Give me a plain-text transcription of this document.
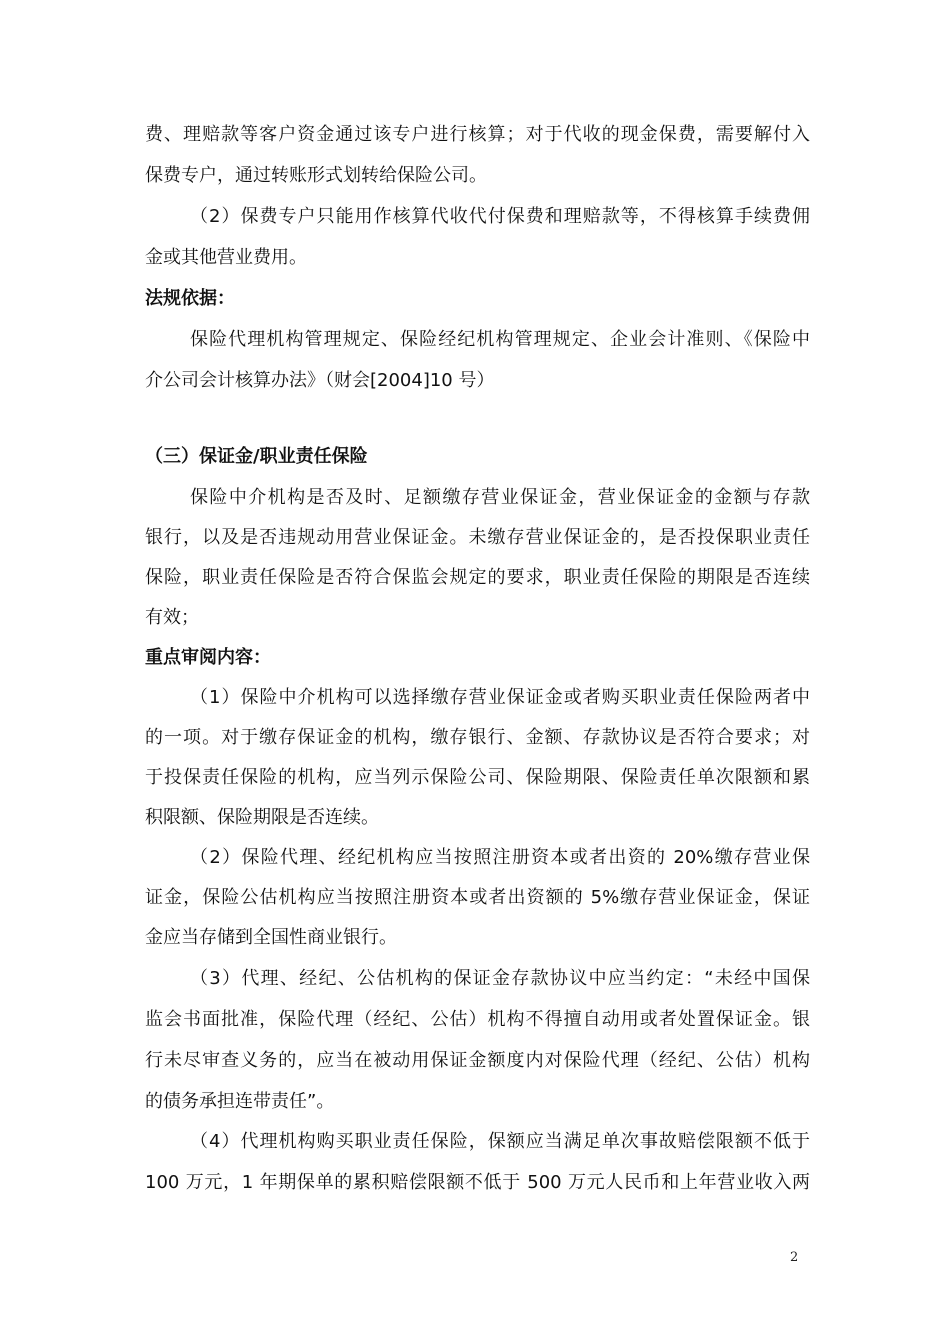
费、理赔款等客户资金通过该专户进行核算；对于代收的现金保费，需要解付入
保费专户，通过转账形式划转给保险公司。
（2）保费专户只能用作核算代收代付保费和理赔款等，不得核算手续费佣
金或其他营业费用。
法规依据：
保险代理机构管理规定、保险经纪机构管理规定、企业会计准则、《保险中
介公司会计核算办法》（财会[2004]10 号）
（三）保证金/职业责任保险
保险中介机构是否及时、足额缴存营业保证金，营业保证金的金额与存款
银行，以及是否违规动用营业保证金。未缴存营业保证金的，是否投保职业责任
保险，职业责任保险是否符合保监会规定的要求，职业责任保险的期限是否连续
有效；
重点审阅内容：
（1）保险中介机构可以选择缴存营业保证金或者购买职业责任保险两者中
的一项。对于缴存保证金的机构，缴存银行、金额、存款协议是否符合要求；对
于投保责任保险的机构，应当列示保险公司、保险期限、保险责任单次限额和累
积限额、保险期限是否连续。
（2）保险代理、经纪机构应当按照注册资本或者出资的 20%缴存营业保
证金，保险公估机构应当按照注册资本或者出资额的 5%缴存营业保证金，保证
金应当存储到全国性商业银行。
（3）代理、经纪、公估机构的保证金存款协议中应当约定：“未经中国保
监会书面批准，保险代理（经纪、公估）机构不得擅自动用或者处置保证金。银
行未尽审查义务的，应当在被动用保证金额度内对保险代理（经纪、公估）机构
的债务承担连带责任”。
（4）代理机构购买职业责任保险，保额应当满足单次事故赔偿限额不低于
100 万元，1 年期保单的累积赔偿限额不低于 500 万元人民币和上年营业收入两
2
